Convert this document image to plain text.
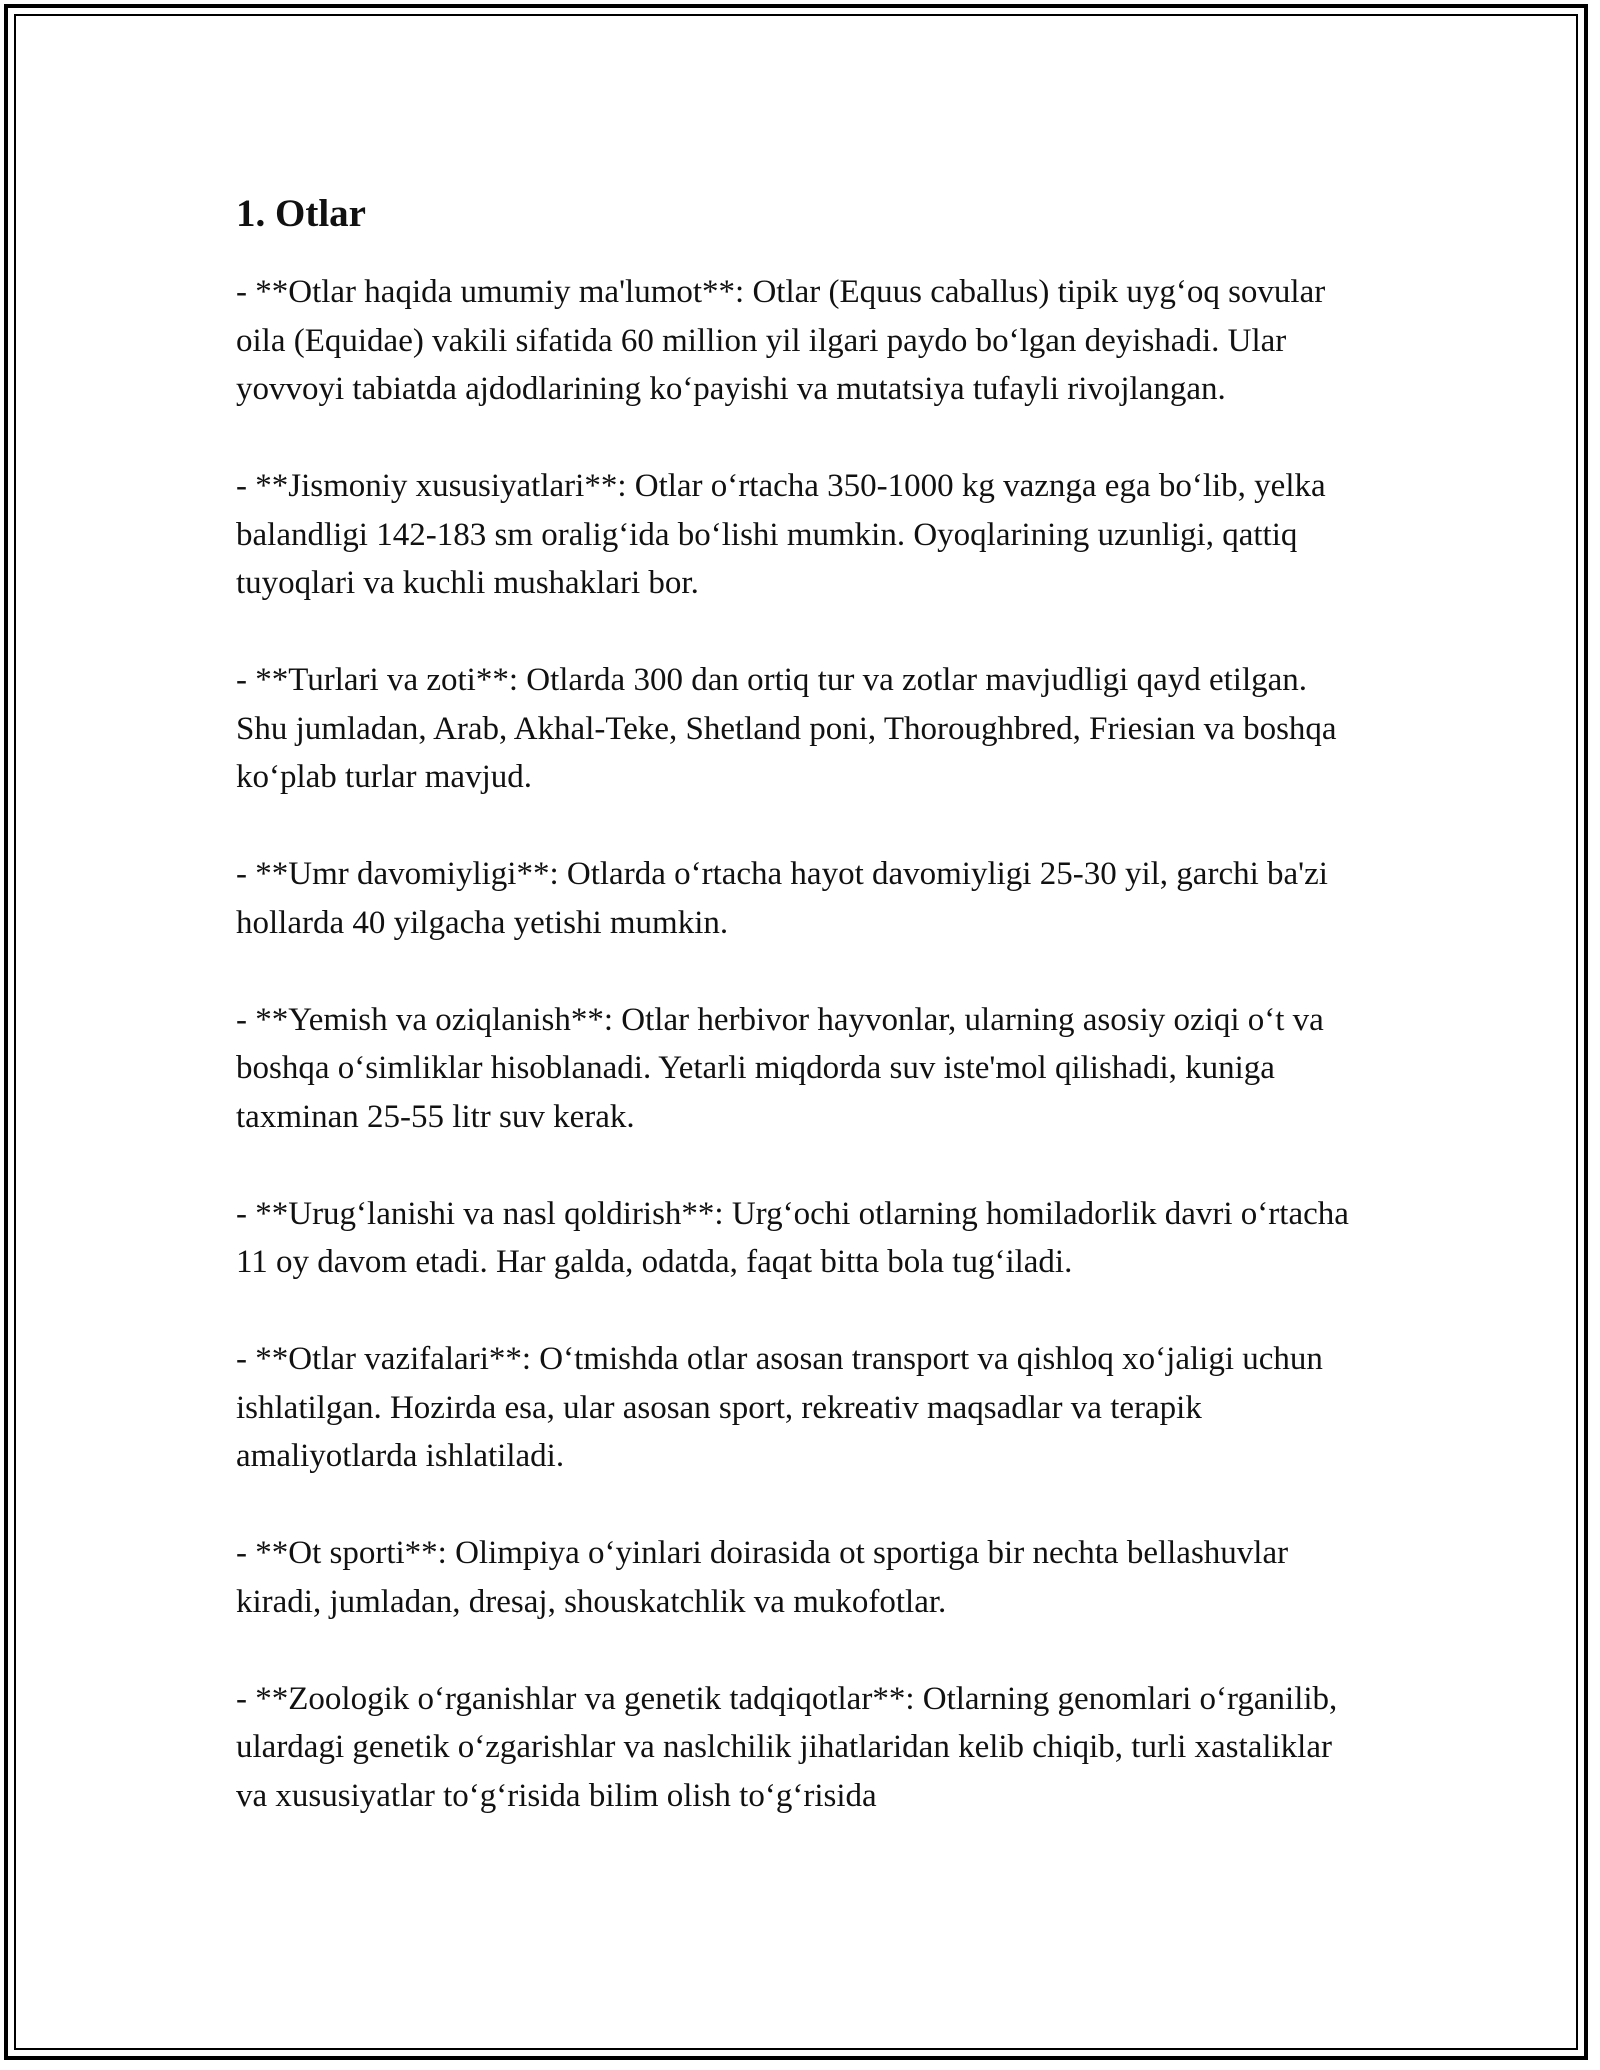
1. Otlar

- **Otlar haqida umumiy ma'lumot**: Otlar (Equus caballus) tipik uyg‘oq sovular oila (Equidae) vakili sifatida 60 million yil ilgari paydo bo‘lgan deyishadi. Ular yovvoyi tabiatda ajdodlarining ko‘payishi va mutatsiya tufayli rivojlangan.

- **Jismoniy xususiyatlari**: Otlar o‘rtacha 350-1000 kg vaznga ega bo‘lib, yelka balandligi 142-183 sm oralig‘ida bo‘lishi mumkin. Oyoqlarining uzunligi, qattiq tuyoqlari va kuchli mushaklari bor.

- **Turlari va zoti**: Otlarda 300 dan ortiq tur va zotlar mavjudligi qayd etilgan. Shu jumladan, Arab, Akhal-Teke, Shetland poni, Thoroughbred, Friesian va boshqa ko‘plab turlar mavjud.

- **Umr davomiyligi**: Otlarda o‘rtacha hayot davomiyligi 25-30 yil, garchi ba'zi hollarda 40 yilgacha yetishi mumkin.

- **Yemish va oziqlanish**: Otlar herbivor hayvonlar, ularning asosiy oziqi o‘t va boshqa o‘simliklar hisoblanadi. Yetarli miqdorda suv iste'mol qilishadi, kuniga taxminan 25-55 litr suv kerak.

- **Urug‘lanishi va nasl qoldirish**: Urg‘ochi otlarning homiladorlik davri o‘rtacha 11 oy davom etadi. Har galda, odatda, faqat bitta bola tug‘iladi.

- **Otlar vazifalari**: O‘tmishda otlar asosan transport va qishloq xo‘jaligi uchun ishlatilgan. Hozirda esa, ular asosan sport, rekreativ maqsadlar va terapik amaliyotlarda ishlatiladi.

- **Ot sporti**: Olimpiya o‘yinlari doirasida ot sportiga bir nechta bellashuvlar kiradi, jumladan, dresaj, shouskatchlik va mukofotlar.

- **Zoologik o‘rganishlar va genetik tadqiqotlar**: Otlarning genomlari o‘rganilib, ulardagi genetik o‘zgarishlar va naslchilik jihatlaridan kelib chiqib, turli xastaliklar va xususiyatlar to‘g‘risida bilim olish to‘g‘risida
